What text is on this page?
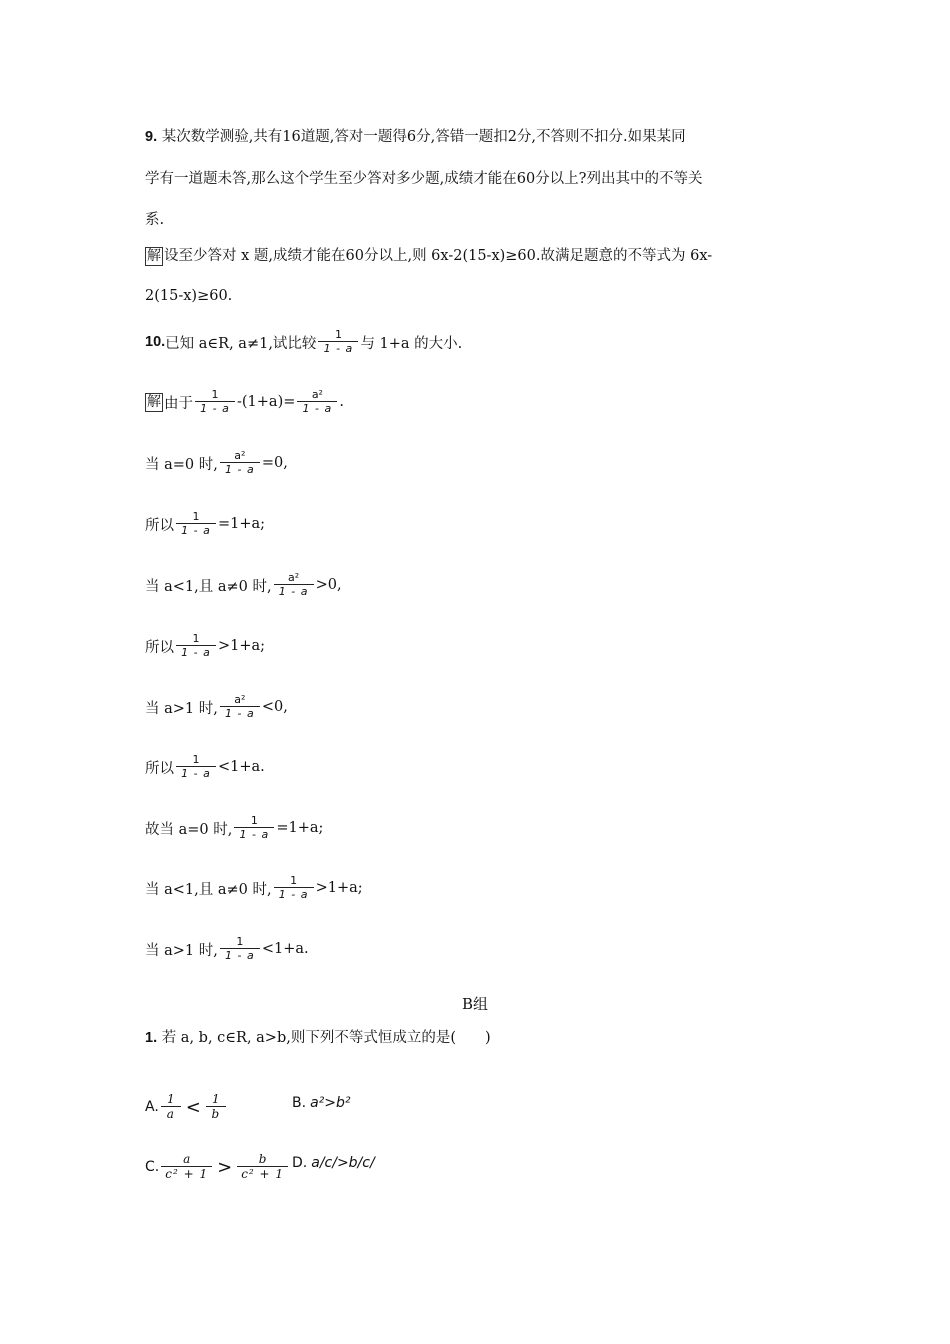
9. 某次数学测验,共有16道题,答对一题得6分,答错一题扣2分,不答则不扣分.如果某同
学有一道题未答,那么这个学生至少答对多少题,成绩才能在60分以上?列出其中的不等关
系.
解 设至少答对 x 题,成绩才能在60分以上,则 6x-2(15-x)≥60.故满足题意的不等式为 6x-
2(15-x)≥60.
10. 已知 a∈R, a≠1,试比较 $\frac{1}{1 - a}$ 与 1+a 的大小.
解 由于 $\frac{1}{1 - a} -(1+a)= \frac{\text{a²}}{1 - a}$ .
当 a=0 时, $\frac{\text{a²}}{1 - a} =0$,
所以 $\frac{1}{1 - a} =1+a$;
当 a<1,且 a≠0 时, $\frac{\text{a²}}{1 - a} >0$,
所以 $\frac{1}{1 - a} >1+a$;
当 a>1 时, $\frac{\text{a²}}{1 - a} <0$,
所以 $\frac{1}{1 - a} <1+a$.
故当 a=0 时, $\frac{1}{1 - a} =1+a$;
当 a<1,且 a≠0 时, $\frac{1}{1 - a} >1+a$;
当 a>1 时, $\frac{1}{1 - a} <1+a$.
B组
1. 若 a, b, c∈R, a>b,则下列不等式恒成立的是(　　)
A. $\frac{1}{a} < \frac{1}{b}$	B. a²>b²
C. $\frac{a}{\text{c² + 1}} > \frac{b}{\text{c² + 1}} D$. a/c/>b/c/
